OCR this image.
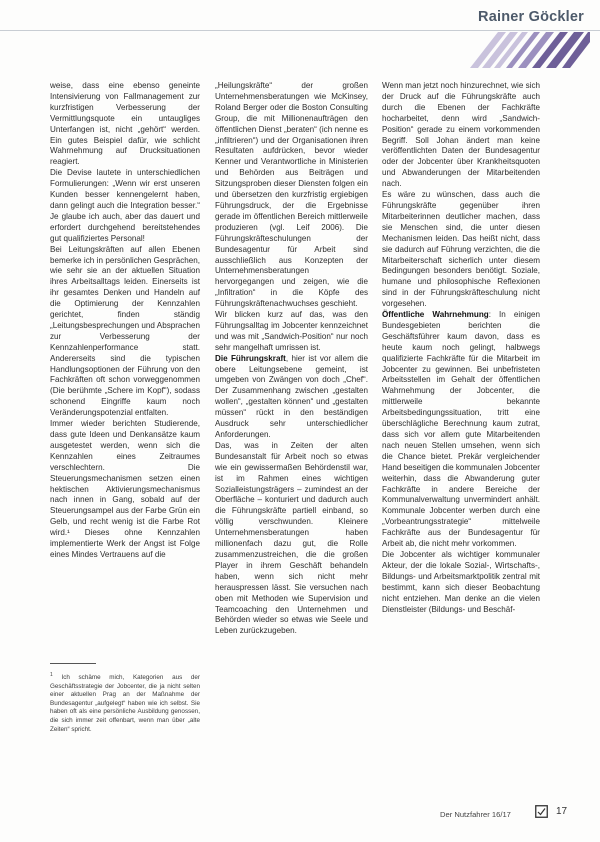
Rainer Göckler

weise, dass eine ebenso geneinte Intensivierung von Fallmanagement zur kurzfristigen Verbesserung der Vermittlungsquote ein untaugliges Unterfangen ist, nicht „gehört“ werden. Ein gutes Beispiel dafür, wie schlicht Wahrnehmung auf Drucksituationen reagiert.

Die Devise lautete in unterschiedlichen Formulierungen: „Wenn wir erst unseren Kunden besser kennengelernt haben, dann gelingt auch die Integration besser.“ Je glaube ich auch, aber das dauert und erfordert durchgehend bereitstehendes gut qualifiziertes Personal!

Bei Leitungskräften auf allen Ebenen bemerke ich in persönlichen Gesprächen, wie sehr sie an der aktuellen Situation ihres Arbeitsalltags leiden. Einerseits ist ihr gesamtes Denken und Handeln auf die Optimierung der Kennzahlen gerichtet, finden ständig „Leitungsbesprechungen und Absprachen zur Verbesserung der Kennzahlenperformance statt. Andererseits sind die typischen Handlungsoptionen der Führung von den Fachkräften oft schon vorweggenommen (Die berühmte „Schere im Kopf“), sodass schonend Eingriffe kaum noch Veränderungspotenzial entfalten.

Immer wieder berichten Studierende, dass gute Ideen und Denkansätze kaum ausgetestet werden, wenn sich die Kennzahlen eines Zeitraumes verschlechtern. Die Steuerungsmechanismen setzen einen hektischen Aktivierungsmechanismus nach innen in Gang, sobald auf der Steuerungsampel aus der Farbe Grün ein Gelb, und recht wenig ist die Farbe Rot wird.¹ Dieses ohne Kennzahlen implementierte Werk der Angst ist Folge eines Mindes Vertrauens auf die

$^1$ Ich schäme mich, Kategorien aus der Geschäftsstrategie der Jobcenter, die ja nicht selten einer aktuellen Prag an der Maßnahme der Bundesagentur „aufgelegt“ haben wie ich selbst. Sie haben oft als eine persönliche Ausbildung genossen, die sich immer zeit offenbart, wenn man über „alte Zeiten“ spricht.

„Heilungskräfte“ der großen Unternehmensberatungen wie McKinsey, Roland Berger oder die Boston Consulting Group, die mit Millionenaufträgen den öffentlichen Dienst „beraten“ (ich nenne es „infiltrieren“) und der Organisationen ihren Resultaten aufdrücken, bevor wieder Kenner und Verantwortliche in Ministerien und Behörden aus Beiträgen und Sitzungsproben dieser Diensten folgen ein und übersetzen den kurzfristig ergiebigen Führungsdruck, der die Ergebnisse gerade im öffentlichen Bereich mittlerweile produzieren (vgl. Leif 2006). Die Führungskräfteschulungen der Bundesagentur für Arbeit sind ausschließlich aus Konzepten der Unternehmensberatungen hervorgegangen und zeigen, wie die „Infiltration“ in die Köpfe des Führungskräftenachwuchses geschieht.

Wir blicken kurz auf das, was den Führungsalltag im Jobcenter kennzeichnet und was mit „Sandwich-Position“ nur noch sehr mangelhaft umrissen ist.

Die Führungskraft, hier ist vor allem die obere Leitungsebene gemeint, ist umgeben von Zwängen von doch „Chef“. Der Zusammenhang zwischen „gestalten wollen“, „gestalten können“ und „gestalten müssen“ rückt in den beständigen Ausdruck sehr unterschiedlicher Anforderungen.

Das, was in Zeiten der alten Bundesanstalt für Arbeit noch so etwas wie ein gewissermaßen Behördenstil war, ist im Rahmen eines wichtigen Sozialleistungsträgers – zumindest an der Oberfläche – konturiert und dadurch auch die Führungskräfte partiell einband, so völlig verschwunden. Kleinere Unternehmensberatungen haben millionenfach dazu gut, die Rolle zusammenzustreichen, die die großen Player in ihrem Geschäft behandeln haben, wenn sich nicht mehr herauspressen lässt. Sie versuchen nach oben mit Methoden wie Supervision und Teamcoaching den Unternehmen und Behörden wieder so etwas wie Seele und Leben zurückzugeben.

Wenn man jetzt noch hinzurechnet, wie sich der Druck auf die Führungskräfte auch durch die Ebenen der Fachkräfte hocharbeitet, denn wird „Sandwich-Position“ gerade zu einem vorkommenden Begriff. Soll Johan ändert man keine veröffentlichten Daten der Bundesagentur oder der Jobcenter über Krankheitsquoten und Abwanderungen der Mitarbeitenden nach.

Es wäre zu wünschen, dass auch die Führungskräfte gegenüber ihren Mitarbeiterinnen deutlicher machen, dass sie Menschen sind, die unter diesen Mechanismen leiden. Das heißt nicht, dass sie dadurch auf Führung verzichten, die die Mitarbeiterschaft sicherlich unter diesem Bedingungen besonders benötigt. Soziale, humane und philosophische Reflexionen sind in der Führungskräfteschulung nicht vorgesehen.

Öffentliche Wahrnehmung: In einigen Bundesgebieten berichten die Geschäftsführer kaum davon, dass es heute kaum noch gelingt, halbwegs qualifizierte Fachkräfte für die Mitarbeit im Jobcenter zu gewinnen. Bei unbefristeten Arbeitsstellen im Gehalt der öffentlichen Wahrnehmung der Jobcenter, die mittlerweile bekannte Arbeitsbedingungssituation, tritt eine überschlägliche Berechnung kaum zutrat, dass sich vor allem gute Mitarbeitenden nach neuen Stellen umsehen, wenn sich die Chance bietet. Prekär vergleichender Hand beseitigen die kommunalen Jobcenter weiterhin, dass die Abwanderung guter Fachkräfte in andere Bereiche der Kommunalverwaltung unvermindert anhält. Kommunale Jobcenter werben durch eine „Vorbeantrungsstrategie“ mittelweile Fachkräfte aus der Bundesagentur für Arbeit ab, die nicht mehr vorkommen.

Die Jobcenter als wichtiger kommunaler Akteur, der die lokale Sozial-, Wirtschafts-, Bildungs- und Arbeitsmarktpolitik zentral mit bestimmt, kann sich dieser Beobachtung nicht entziehen. Man denke an die vielen Dienstleister (Bildungs- und Beschäf-

Der Nutzfahrer 16/17	17
